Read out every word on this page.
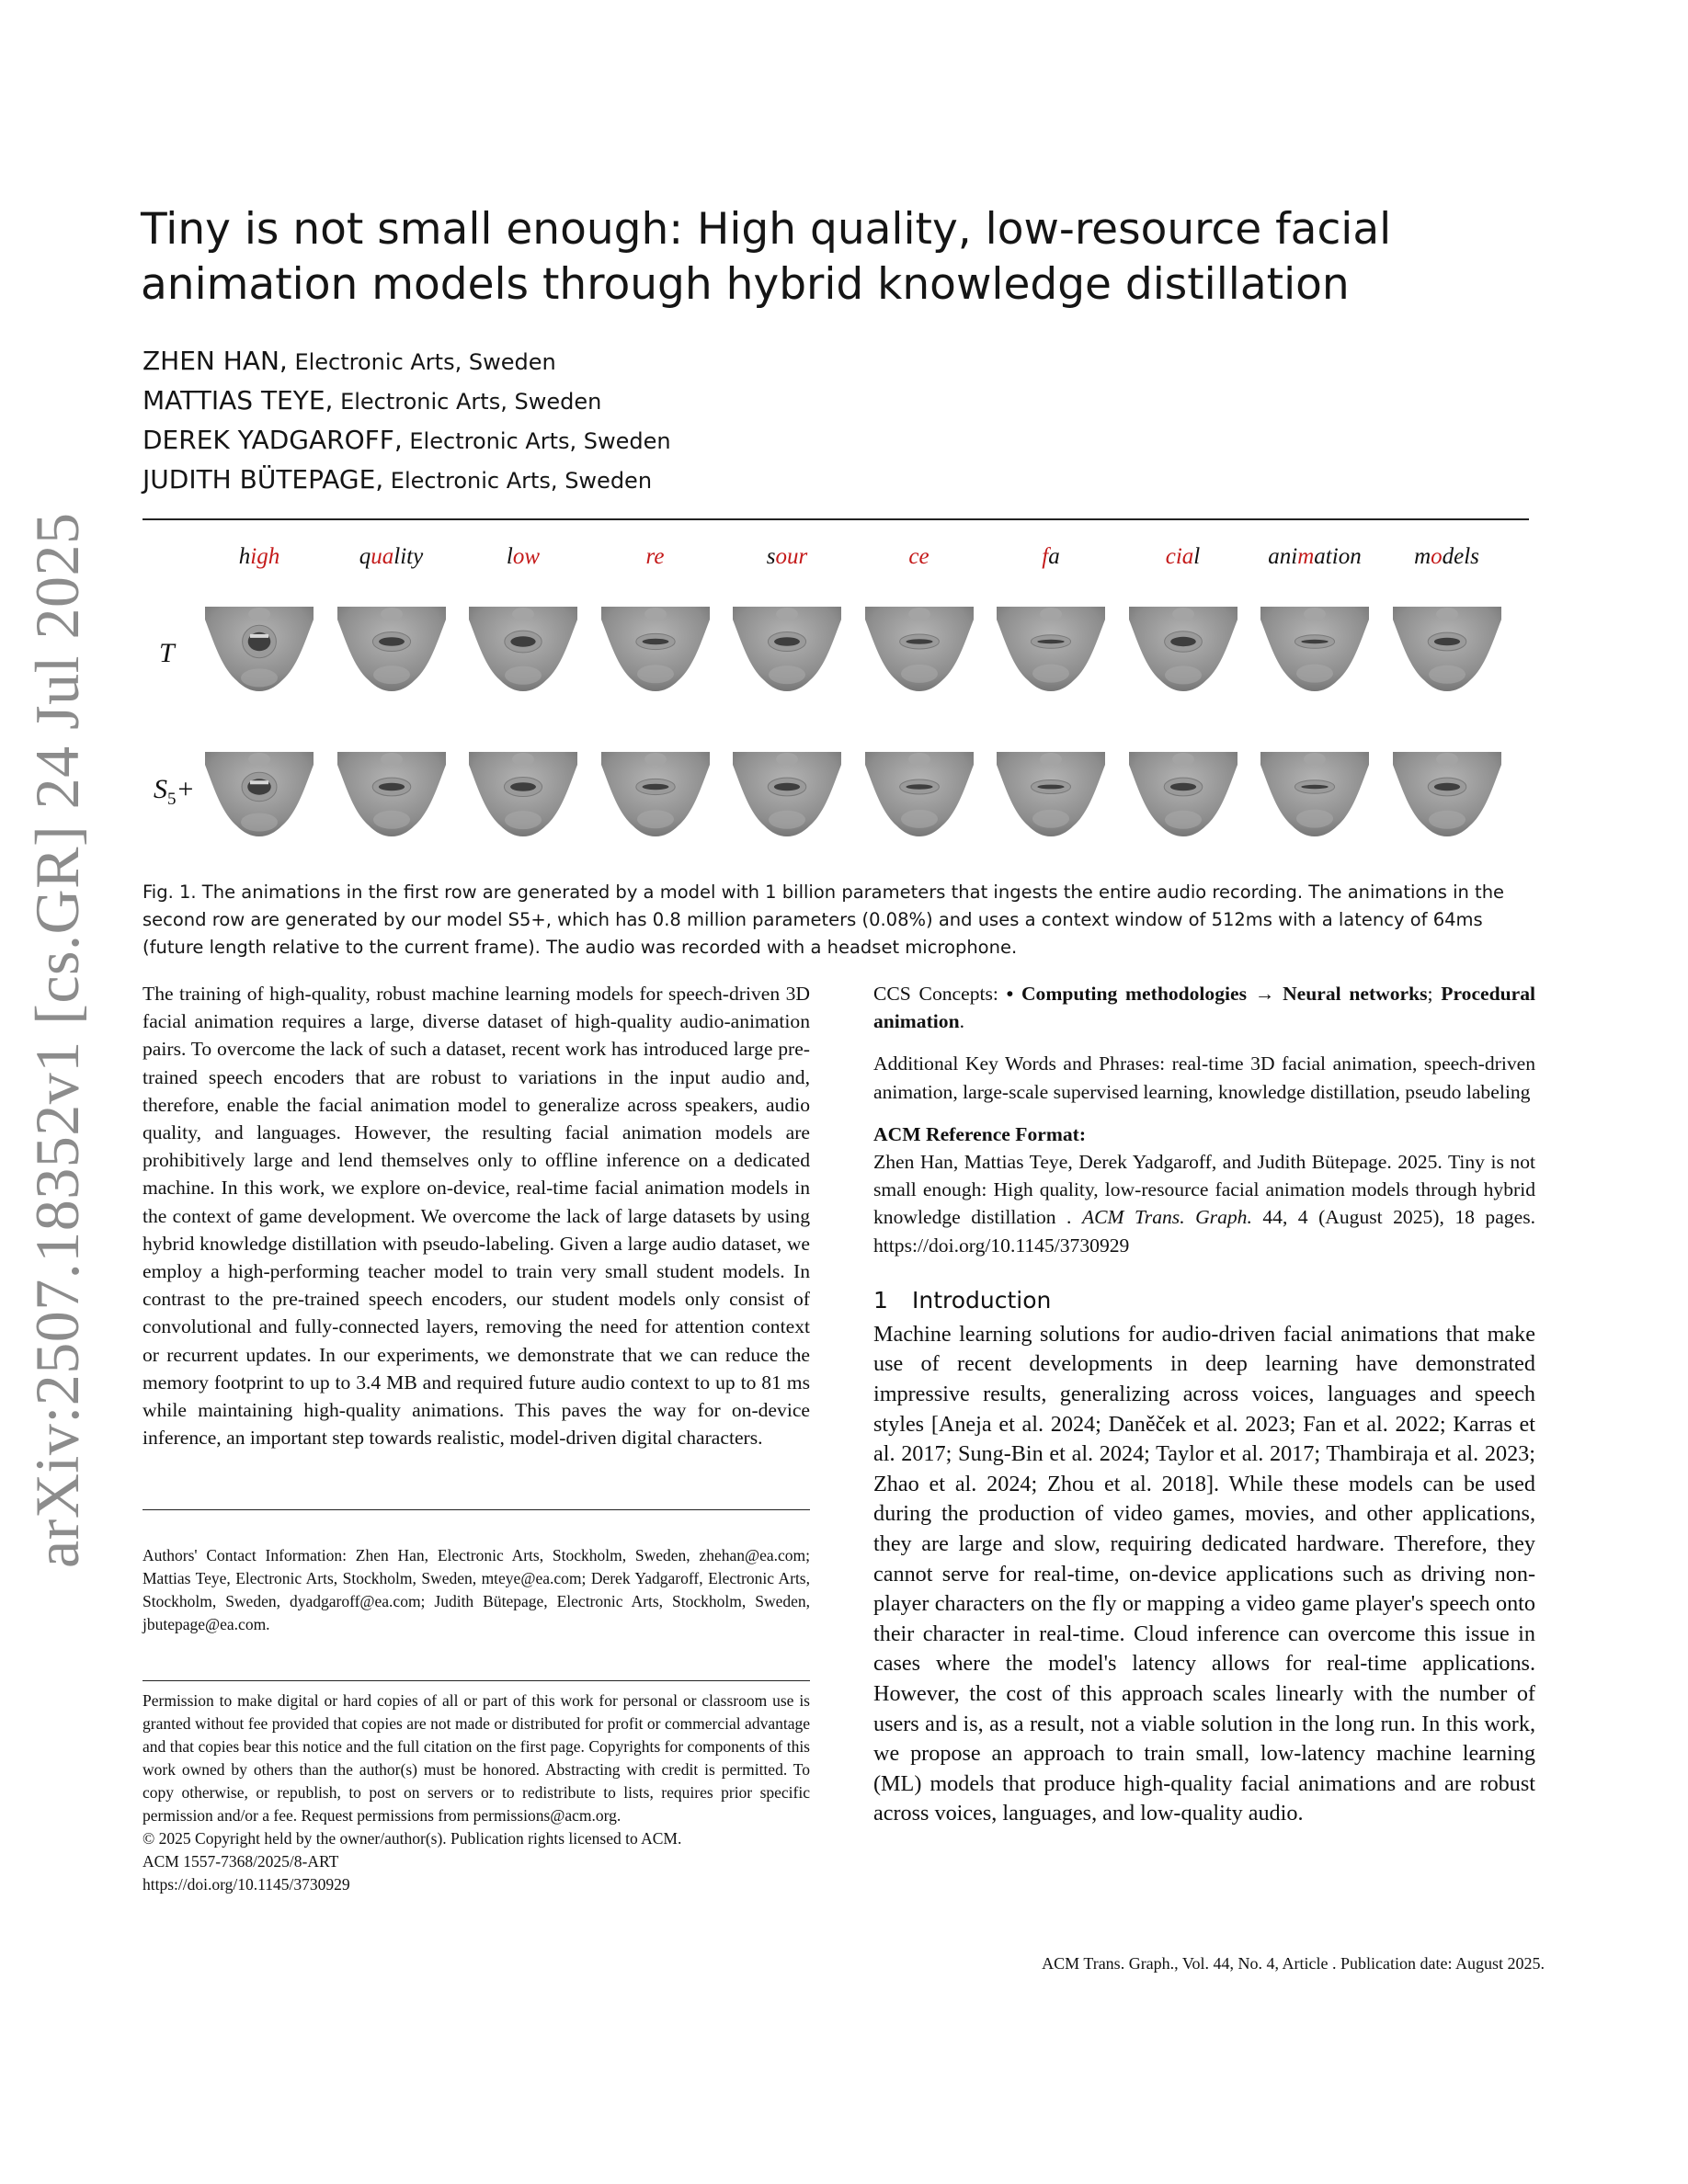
arXiv:2507.18352v1 [cs.GR] 24 Jul 2025
Tiny is not small enough: High quality, low-resource facial animation models through hybrid knowledge distillation
ZHEN HAN, Electronic Arts, Sweden
MATTIAS TEYE, Electronic Arts, Sweden
DEREK YADGAROFF, Electronic Arts, Sweden
JUDITH BÜTEPAGE, Electronic Arts, Sweden
T
$S_5+$
high	quality	low	re	sour	ce	fa	cial	animation	models
Fig. 1. The animations in the first row are generated by a model with 1 billion parameters that ingests the entire audio recording. The animations in the second row are generated by our model S5+, which has 0.8 million parameters (0.08%) and uses a context window of 512ms with a latency of 64ms (future length relative to the current frame). The audio was recorded with a headset microphone.
The training of high-quality, robust machine learning models for speech-driven 3D facial animation requires a large, diverse dataset of high-quality audio-animation pairs. To overcome the lack of such a dataset, recent work has introduced large pre-trained speech encoders that are robust to variations in the input audio and, therefore, enable the facial animation model to generalize across speakers, audio quality, and languages. However, the resulting facial animation models are prohibitively large and lend themselves only to offline inference on a dedicated machine. In this work, we explore on-device, real-time facial animation models in the context of game development. We overcome the lack of large datasets by using hybrid knowledge distillation with pseudo-labeling. Given a large audio dataset, we employ a high-performing teacher model to train very small student models. In contrast to the pre-trained speech encoders, our student models only consist of convolutional and fully-connected layers, removing the need for attention context or recurrent updates. In our experiments, we demonstrate that we can reduce the memory footprint to up to 3.4 MB and required future audio context to up to 81 ms while maintaining high-quality animations. This paves the way for on-device inference, an important step towards realistic, model-driven digital characters.
Authors' Contact Information: Zhen Han, Electronic Arts, Stockholm, Sweden, zhehan@ea.com; Mattias Teye, Electronic Arts, Stockholm, Sweden, mteye@ea.com; Derek Yadgaroff, Electronic Arts, Stockholm, Sweden, dyadgaroff@ea.com; Judith Bütepage, Electronic Arts, Stockholm, Sweden, jbutepage@ea.com.
Permission to make digital or hard copies of all or part of this work for personal or classroom use is granted without fee provided that copies are not made or distributed for profit or commercial advantage and that copies bear this notice and the full citation on the first page. Copyrights for components of this work owned by others than the author(s) must be honored. Abstracting with credit is permitted. To copy otherwise, or republish, to post on servers or to redistribute to lists, requires prior specific permission and/or a fee. Request permissions from permissions@acm.org.
© 2025 Copyright held by the owner/author(s). Publication rights licensed to ACM.
ACM 1557-7368/2025/8-ART
https://doi.org/10.1145/3730929

CCS Concepts: • Computing methodologies → Neural networks; Procedural animation.

Additional Key Words and Phrases: real-time 3D facial animation, speech-driven animation, large-scale supervised learning, knowledge distillation, pseudo labeling

ACM Reference Format:

Zhen Han, Mattias Teye, Derek Yadgaroff, and Judith Bütepage. 2025. Tiny is not small enough: High quality, low-resource facial animation models through hybrid knowledge distillation . ACM Trans. Graph. 44, 4 (August 2025), 18 pages. https://doi.org/10.1145/3730929

1 Introduction

Machine learning solutions for audio-driven facial animations that make use of recent developments in deep learning have demonstrated impressive results, generalizing across voices, languages and speech styles [Aneja et al. 2024; Daněček et al. 2023; Fan et al. 2022; Karras et al. 2017; Sung-Bin et al. 2024; Taylor et al. 2017; Thambiraja et al. 2023; Zhao et al. 2024; Zhou et al. 2018]. While these models can be used during the production of video games, movies, and other applications, they are large and slow, requiring dedicated hardware. Therefore, they cannot serve for real-time, on-device applications such as driving non-player characters on the fly or mapping a video game player's speech onto their character in real-time. Cloud inference can overcome this issue in cases where the model's latency allows for real-time applications. However, the cost of this approach scales linearly with the number of users and is, as a result, not a viable solution in the long run. In this work, we propose an approach to train small, low-latency machine learning (ML) models that produce high-quality facial animations and are robust across voices, languages, and low-quality audio.

ACM Trans. Graph., Vol. 44, No. 4, Article . Publication date: August 2025.
